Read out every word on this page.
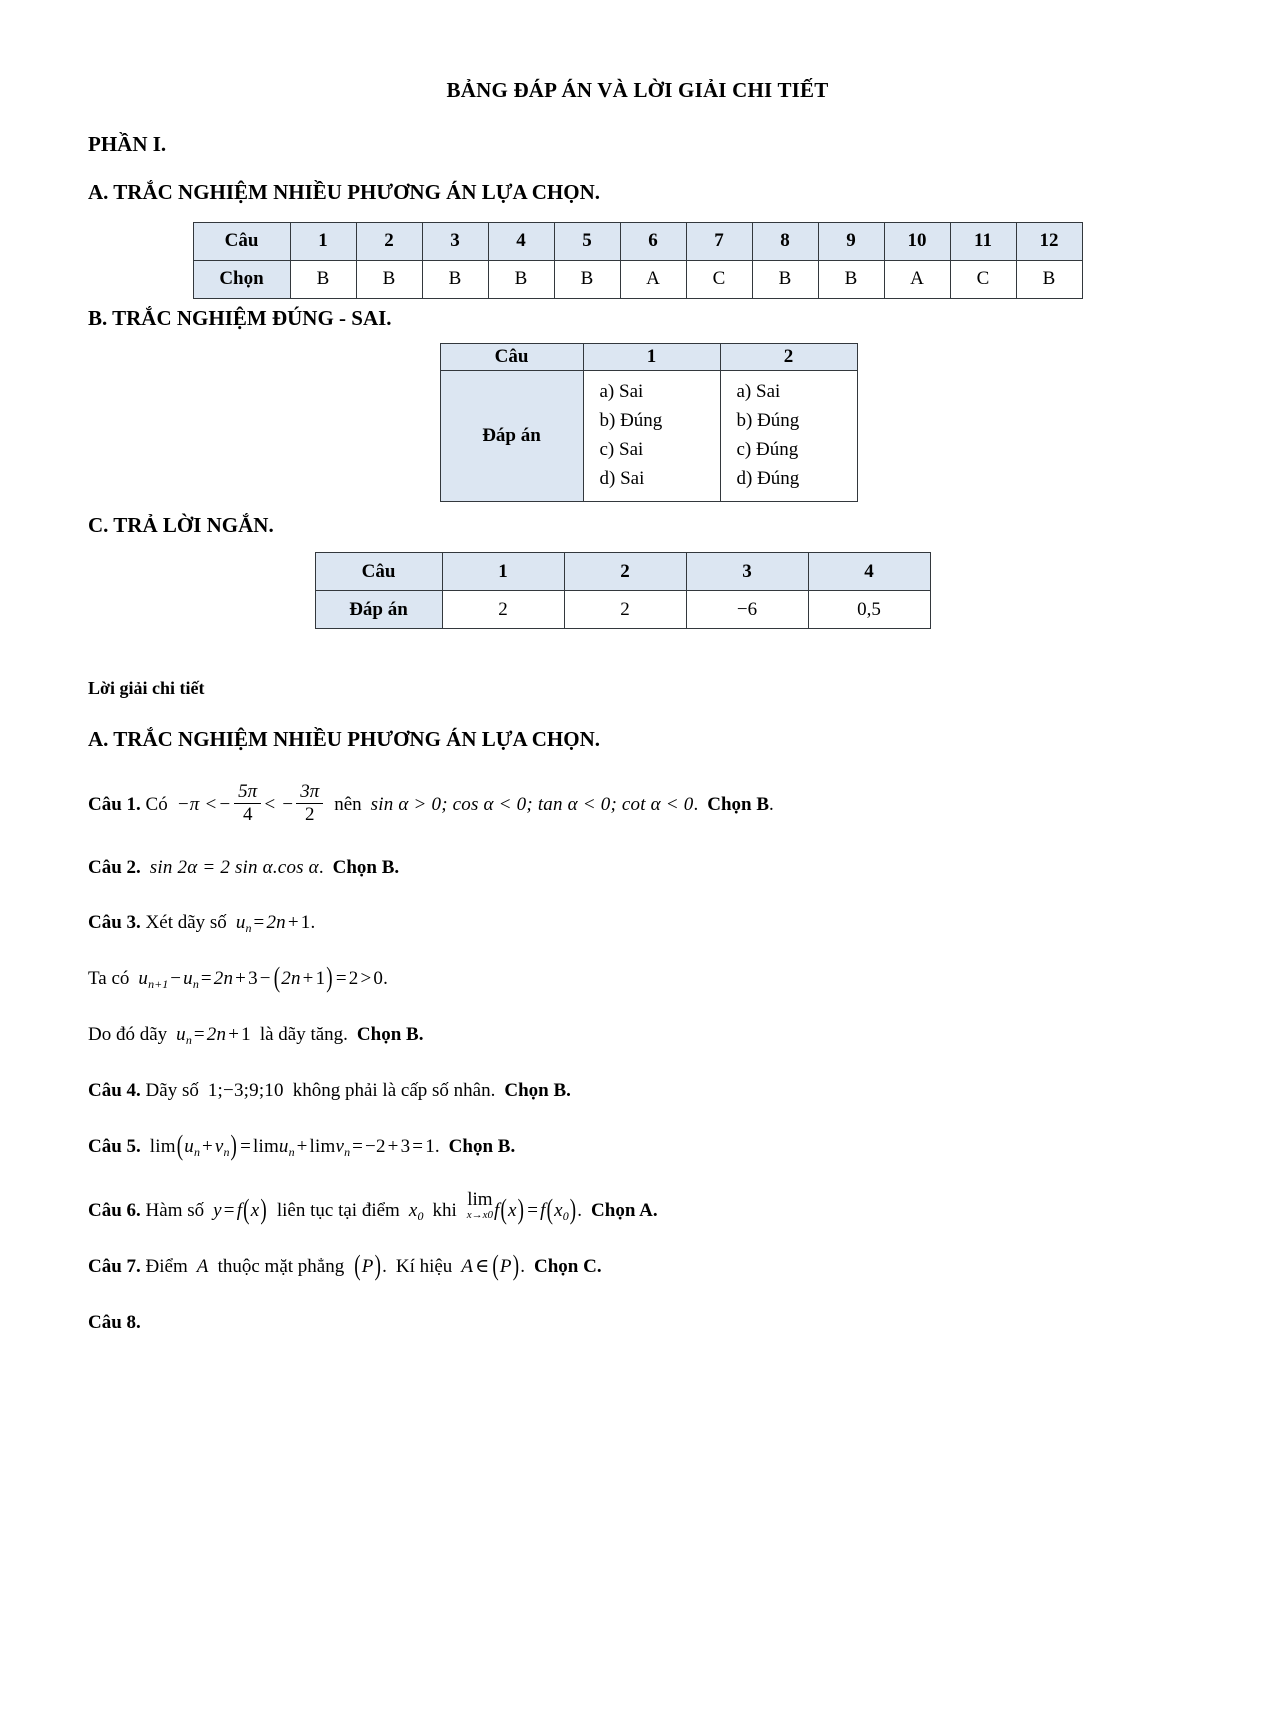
BẢNG ĐÁP ÁN VÀ LỜI GIẢI CHI TIẾT
PHẦN I.
A. TRẮC NGHIỆM NHIỀU PHƯƠNG ÁN LỰA CHỌN.
Câu	1	2	3	4	5	6	7	8	9	10	11	12
Chọn	B	B	B	B	B	A	C	B	B	A	C	B
B. TRẮC NGHIỆM ĐÚNG - SAI.
Câu	1	2
Đáp án	
a) Sai
b) Đúng
c) Sai
d) Sai

a) Sai
b) Đúng
c) Đúng
d) Đúng
C. TRẢ LỜI NGẮN.
Câu	1	2	3	4
Đáp án	2	2	−6	0,5
Lời giải chi tiết
A. TRẮC NGHIỆM NHIỀU PHƯƠNG ÁN LỰA CHỌN.
Câu 1. Có −π < − $\frac{5\pi}{4}$ < − $\frac{3\pi}{2}$ nên sin α > 0; cos α < 0; tan α < 0; cot α < 0. Chọn B.
Câu 2. sin 2α = 2 sin α.cos α. Chọn B.
Câu 3. Xét dãy số $u_n = 2n + 1$.
Ta có $u_{n+1} - u_n = 2n + 3 - (2n + 1) = 2 > 0$.
Do đó dãy $u_n = 2n + 1$ là dãy tăng. Chọn B.
Câu 4. Dãy số 1;−3;9;10 không phải là cấp số nhân. Chọn B.
Câu 5. $\lim(u_n + v_n) = \lim u_n + \lim v_n = -2 + 3 = 1$. Chọn B.
Câu 6. Hàm số y = f(x) liên tục tại điểm $x_0$ khi
lim
x→x0 $f(x) = f(x_0)$. Chọn A.
Câu 7. Điểm A thuộc mặt phẳng (P). Kí hiệu A ∈ (P). Chọn C.
Câu 8.
